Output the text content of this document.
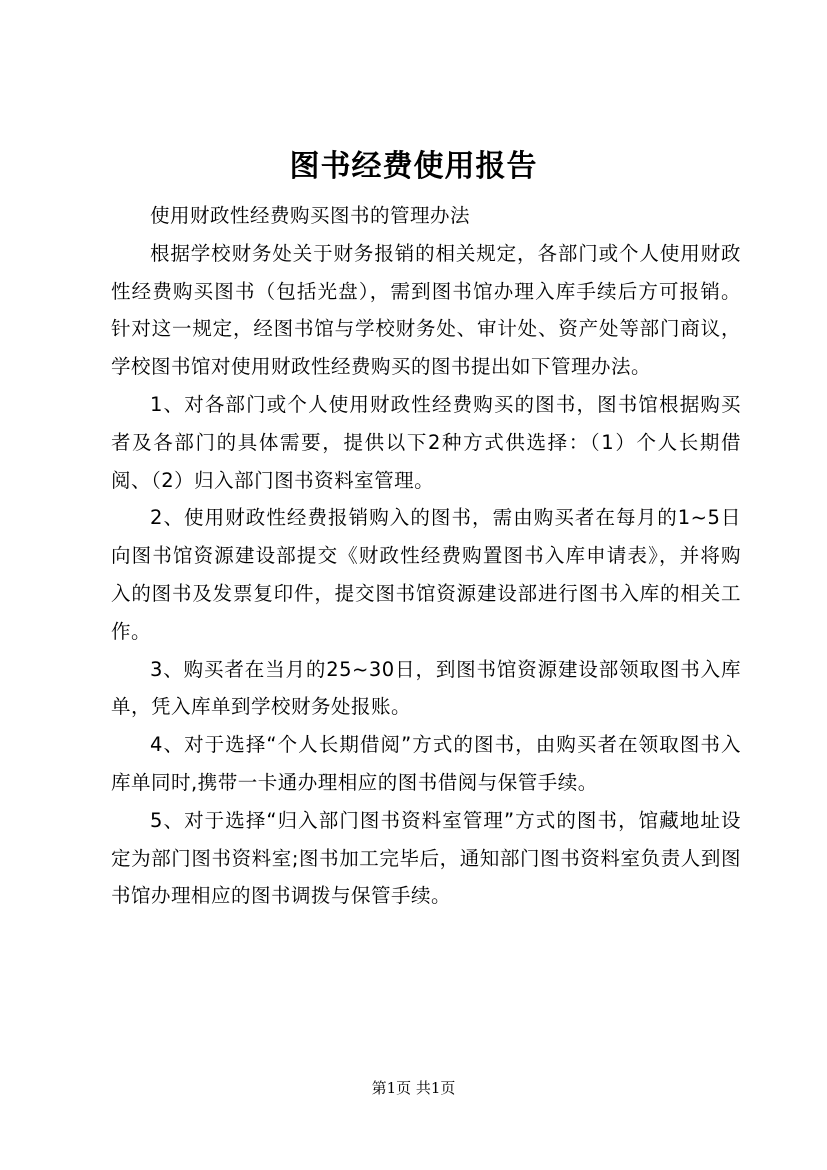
图书经费使用报告

使用财政性经费购买图书的管理办法

根据学校财务处关于财务报销的相关规定，各部门或个人使用财政性经费购买图书（包括光盘），需到图书馆办理入库手续后方可报销。针对这一规定，经图书馆与学校财务处、审计处、资产处等部门商议，学校图书馆对使用财政性经费购买的图书提出如下管理办法。

1、对各部门或个人使用财政性经费购买的图书，图书馆根据购买者及各部门的具体需要，提供以下2种方式供选择：（1）个人长期借阅、（2）归入部门图书资料室管理。

2、使用财政性经费报销购入的图书，需由购买者在每月的1~5日向图书馆资源建设部提交《财政性经费购置图书入库申请表》，并将购入的图书及发票复印件，提交图书馆资源建设部进行图书入库的相关工作。

3、购买者在当月的25~30日，到图书馆资源建设部领取图书入库单，凭入库单到学校财务处报账。

4、对于选择“个人长期借阅”方式的图书，由购买者在领取图书入库单同时,携带一卡通办理相应的图书借阅与保管手续。

5、对于选择“归入部门图书资料室管理”方式的图书，馆藏地址设定为部门图书资料室;图书加工完毕后，通知部门图书资料室负责人到图书馆办理相应的图书调拨与保管手续。

第1页 共1页
